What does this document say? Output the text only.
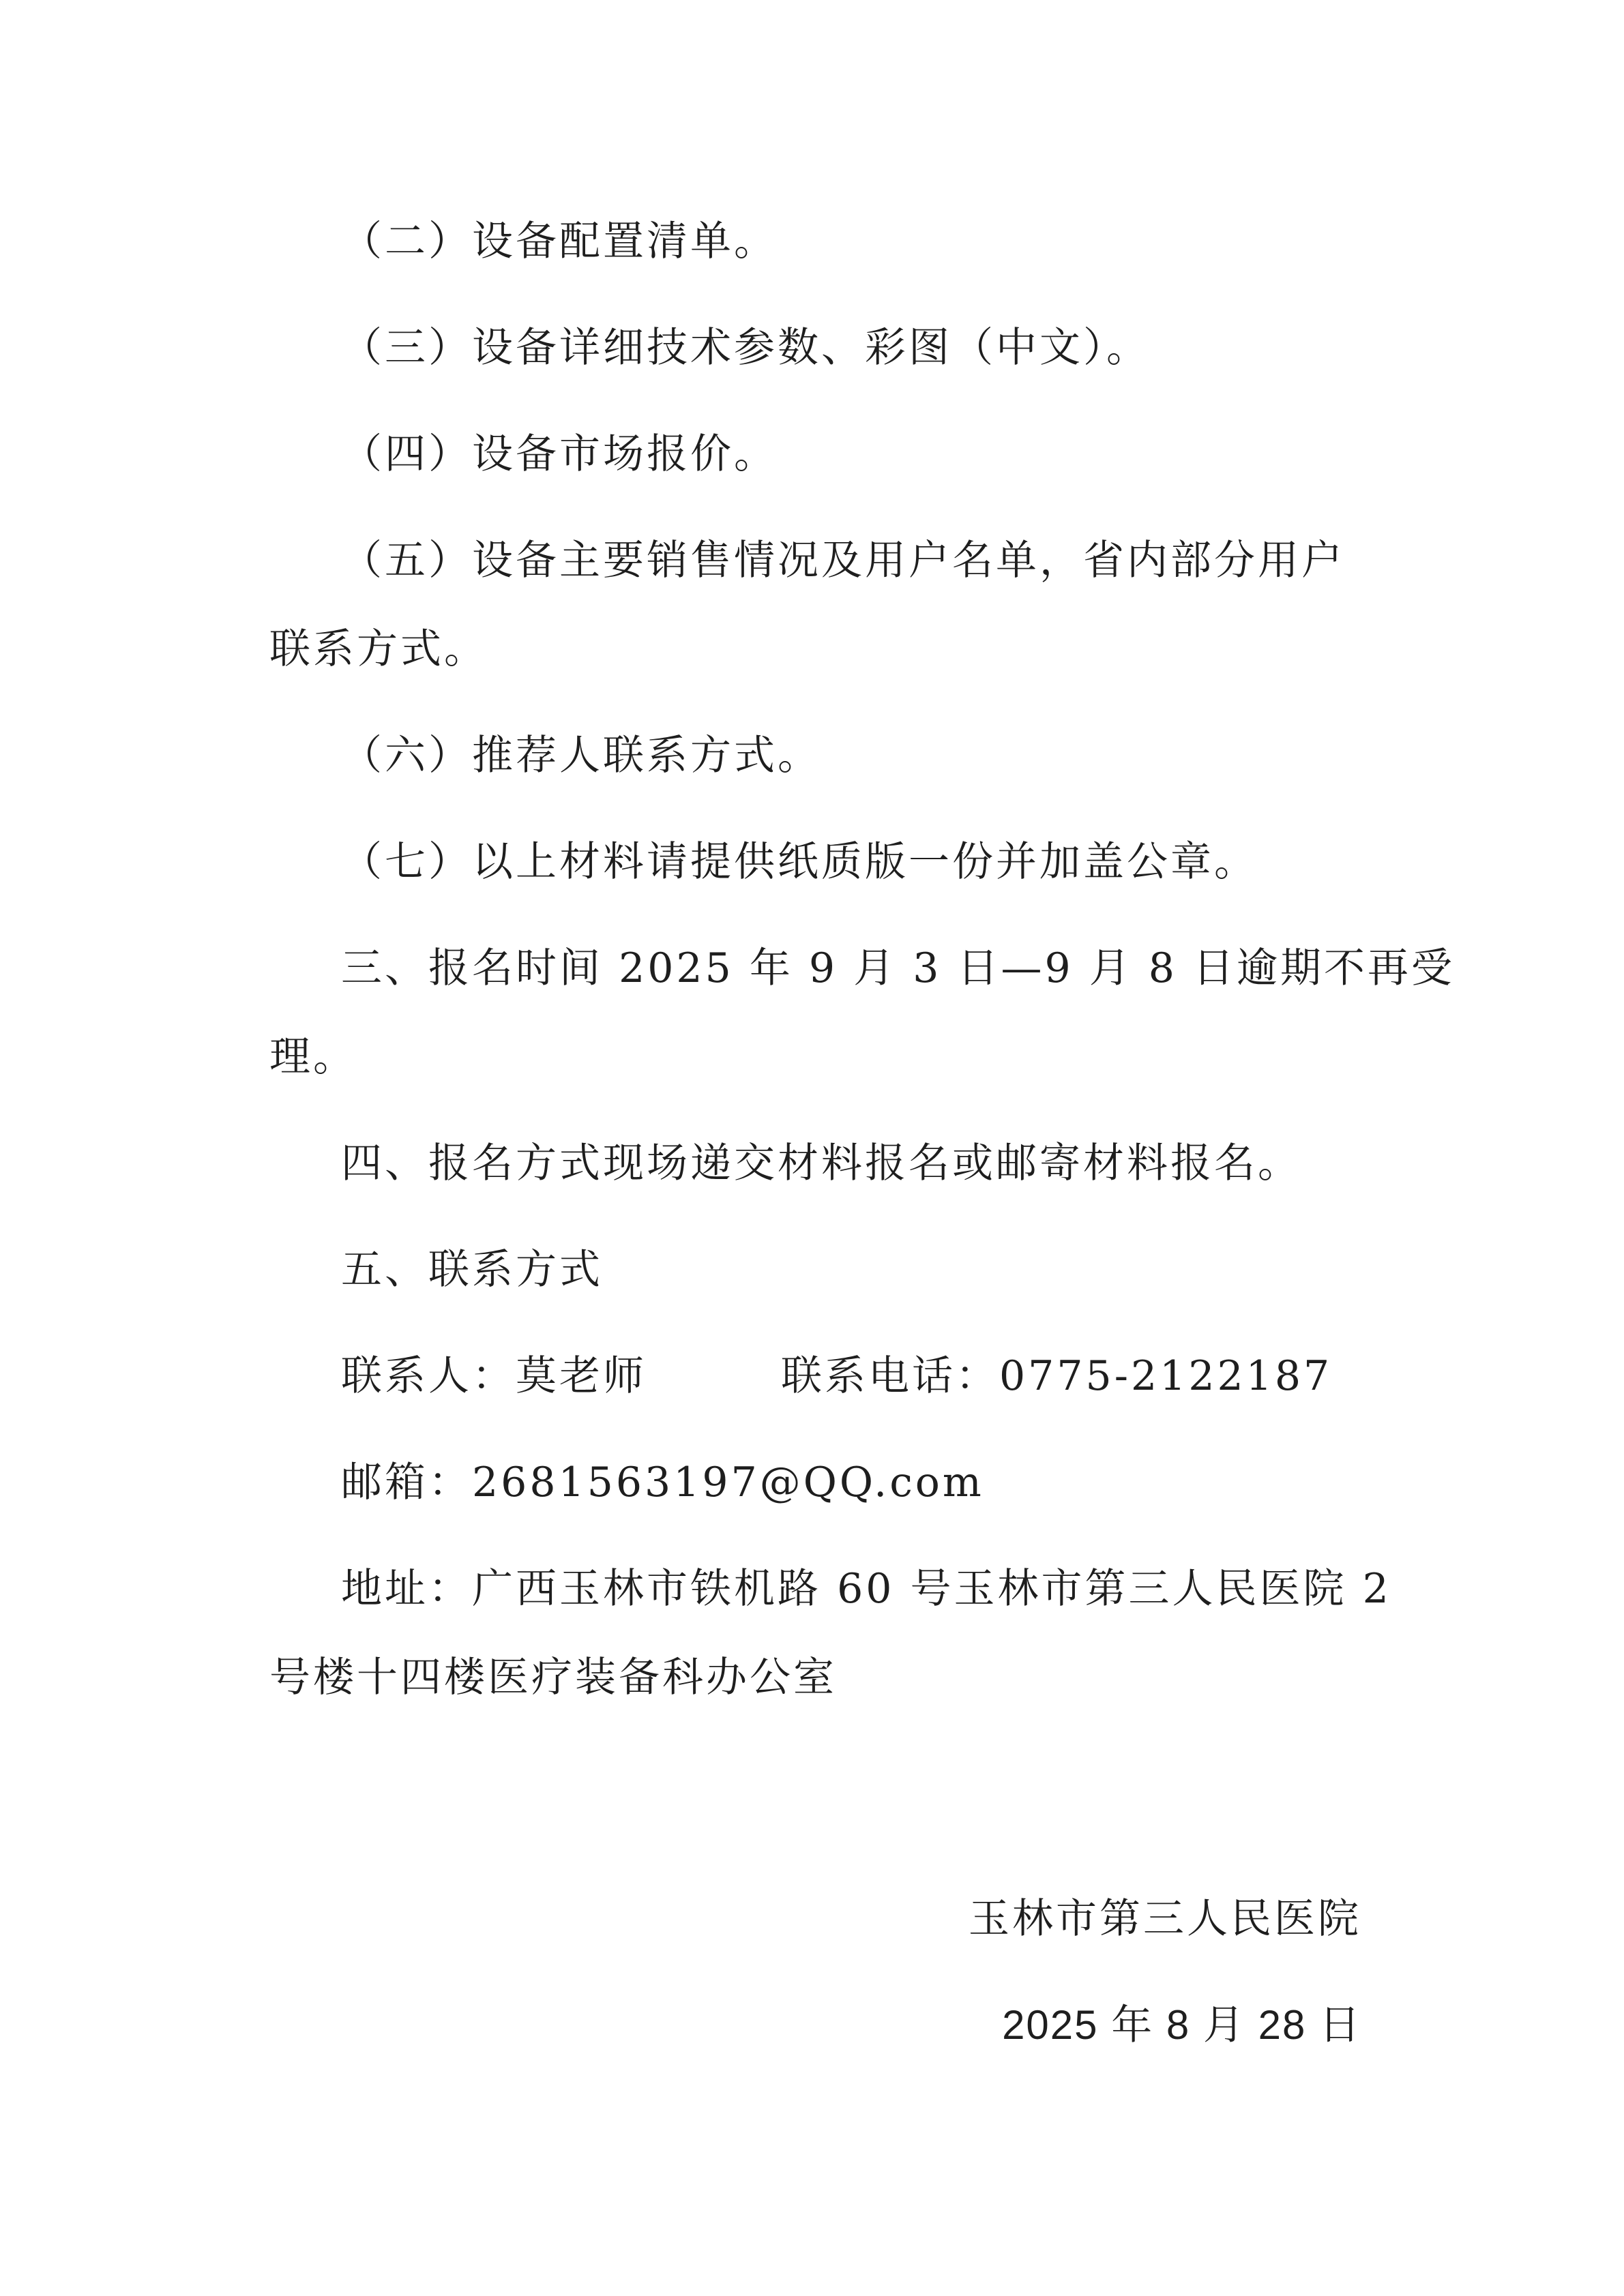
（二）设备配置清单。
（三）设备详细技术参数、彩图（中文）。
（四）设备市场报价。
（五）设备主要销售情况及用户名单，省内部分用户
联系方式。
（六）推荐人联系方式。
（七）以上材料请提供纸质版一份并加盖公章。
三、报名时间 2025 年 9 月 3 日—9 月 8 日逾期不再受
理。
四、报名方式现场递交材料报名或邮寄材料报名。
五、联系方式
联系人：莫老师	联系电话：0775-2122187
邮箱：2681563197@QQ.com
地址：广西玉林市铁机路 60 号玉林市第三人民医院 2
号楼十四楼医疗装备科办公室
玉林市第三人民医院
2025 年 8 月 28 日
